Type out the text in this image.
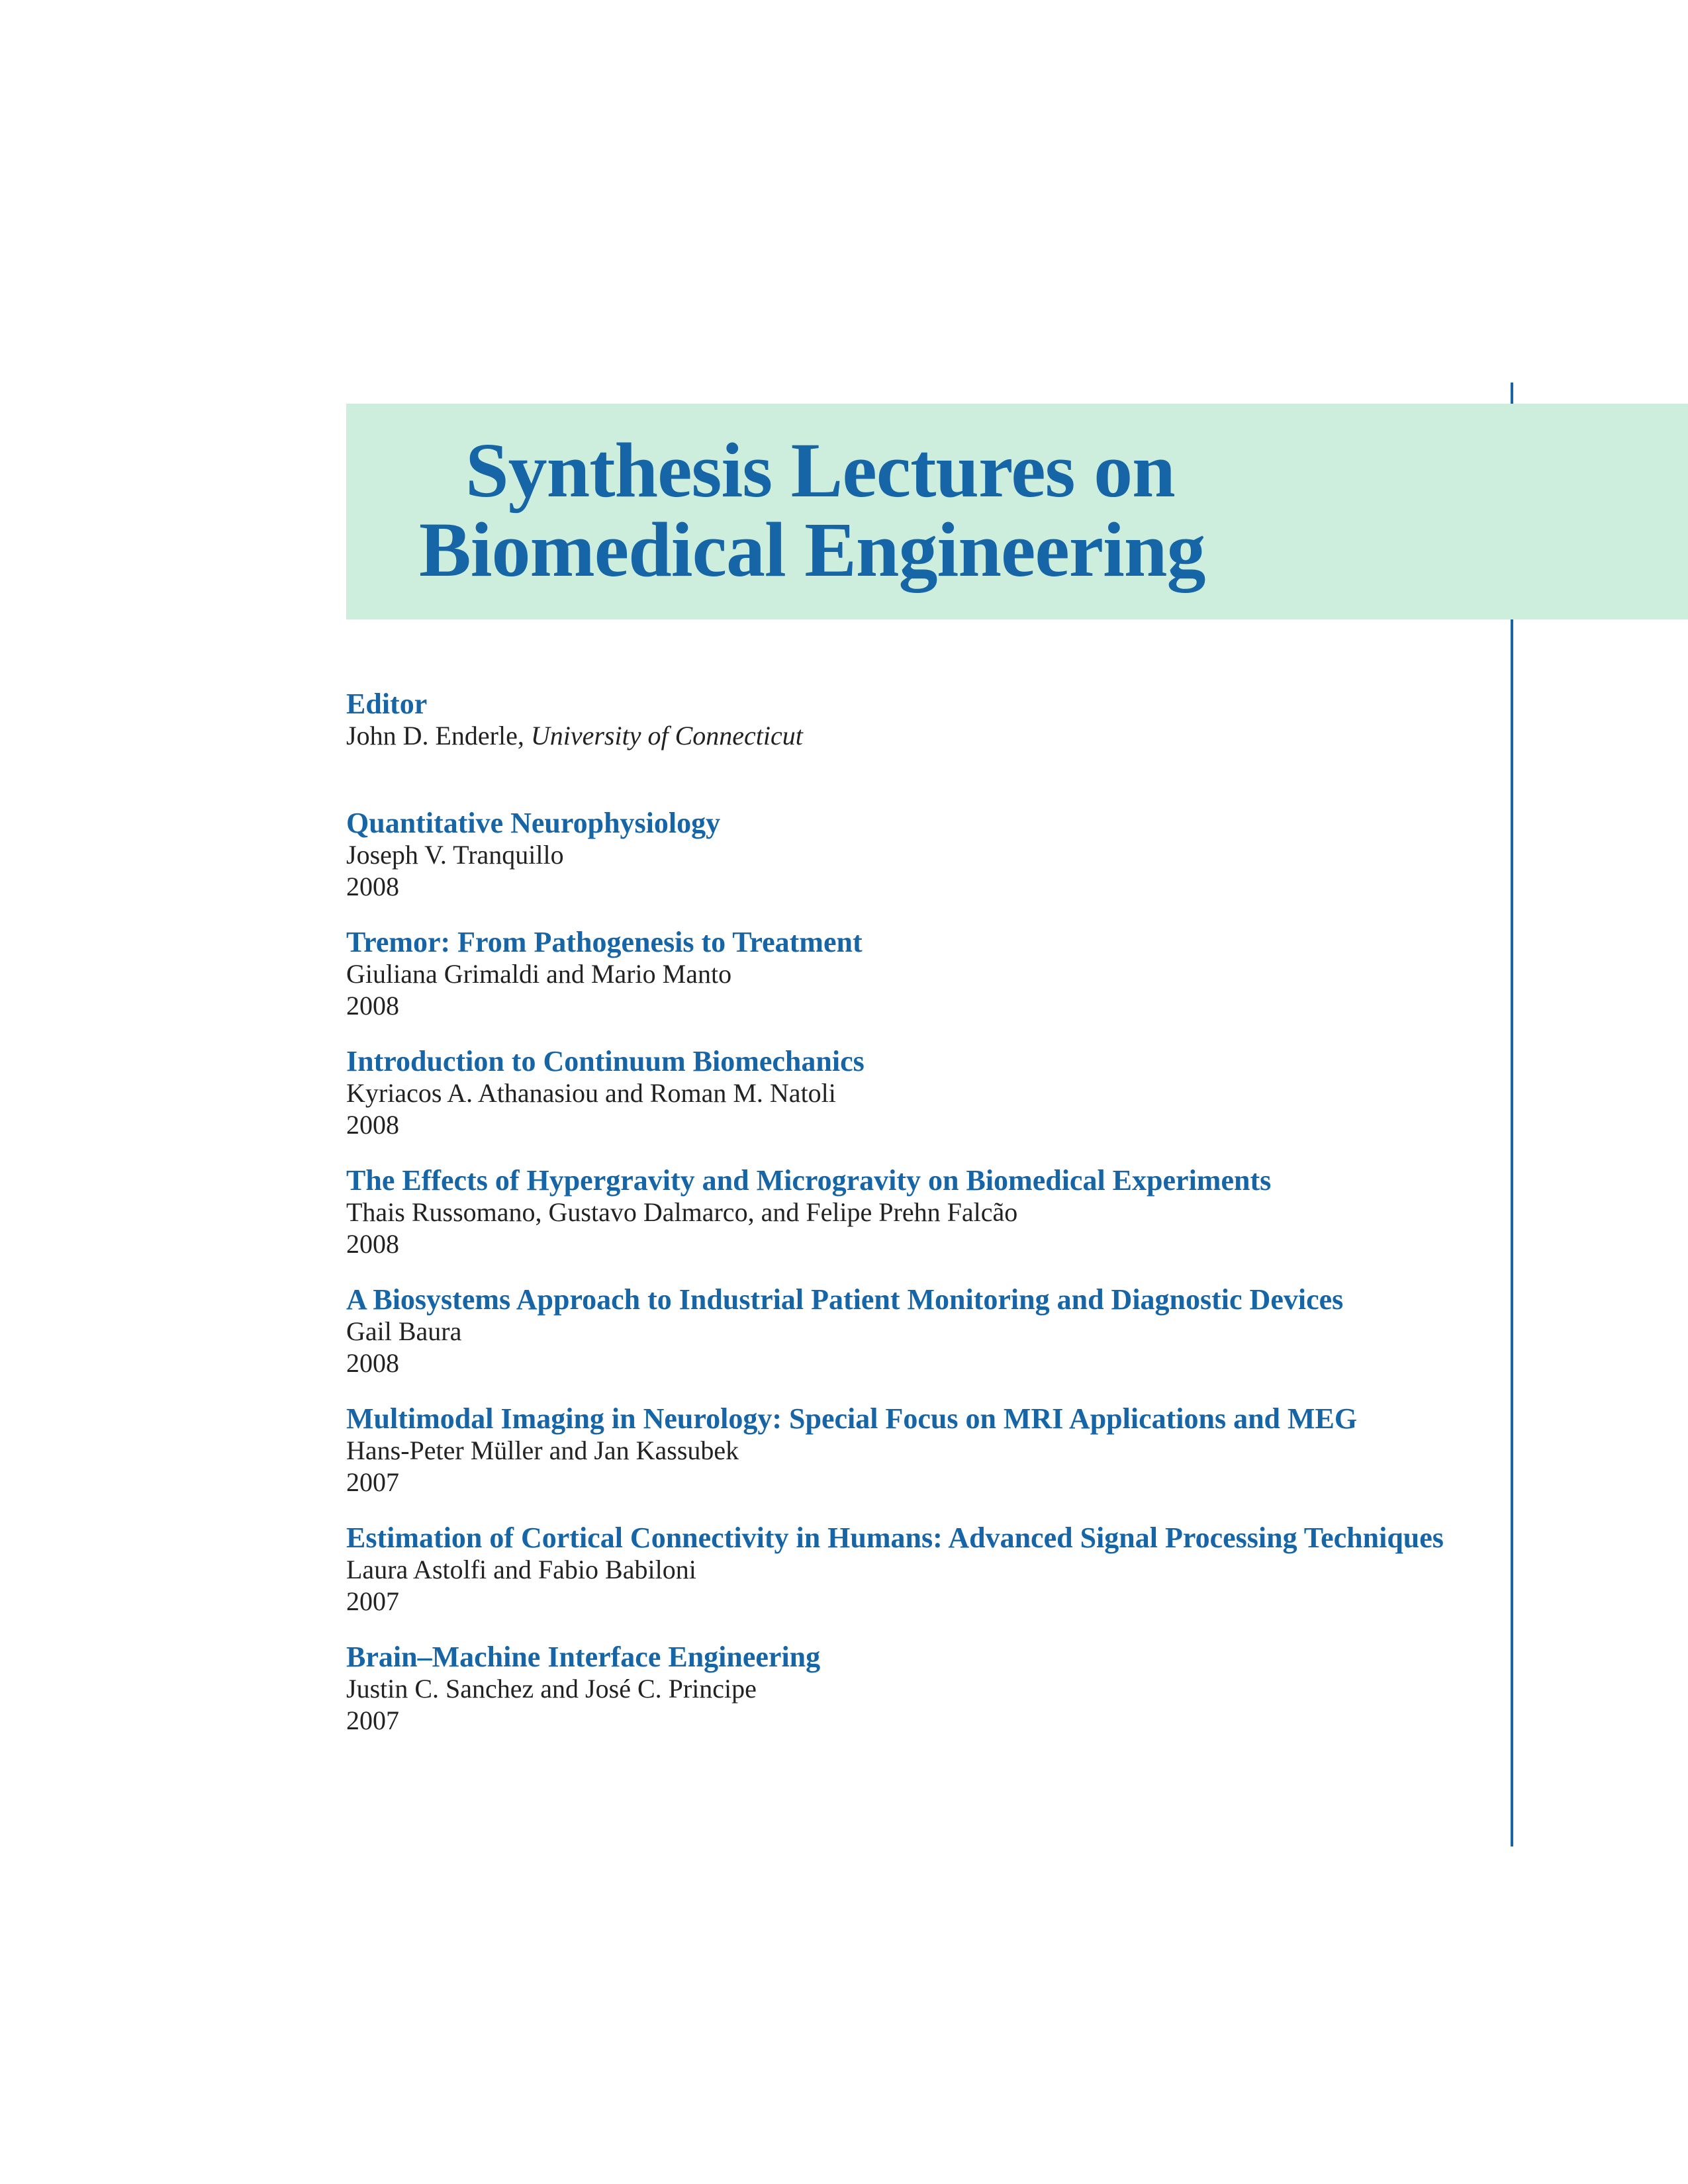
Synthesis Lectures on
Biomedical Engineering
Editor
John D. Enderle, University of Connecticut
Quantitative Neurophysiology
Joseph V. Tranquillo
2008
Tremor: From Pathogenesis to Treatment
Giuliana Grimaldi and Mario Manto
2008
Introduction to Continuum Biomechanics
Kyriacos A. Athanasiou and Roman M. Natoli
2008
The Effects of Hypergravity and Microgravity on Biomedical Experiments
Thais Russomano, Gustavo Dalmarco, and Felipe Prehn Falcão
2008
A Biosystems Approach to Industrial Patient Monitoring and Diagnostic Devices
Gail Baura
2008
Multimodal Imaging in Neurology: Special Focus on MRI Applications and MEG
Hans-Peter Müller and Jan Kassubek
2007
Estimation of Cortical Connectivity in Humans: Advanced Signal Processing Techniques
Laura Astolfi and Fabio Babiloni
2007
Brain–Machine Interface Engineering
Justin C. Sanchez and José C. Principe
2007
